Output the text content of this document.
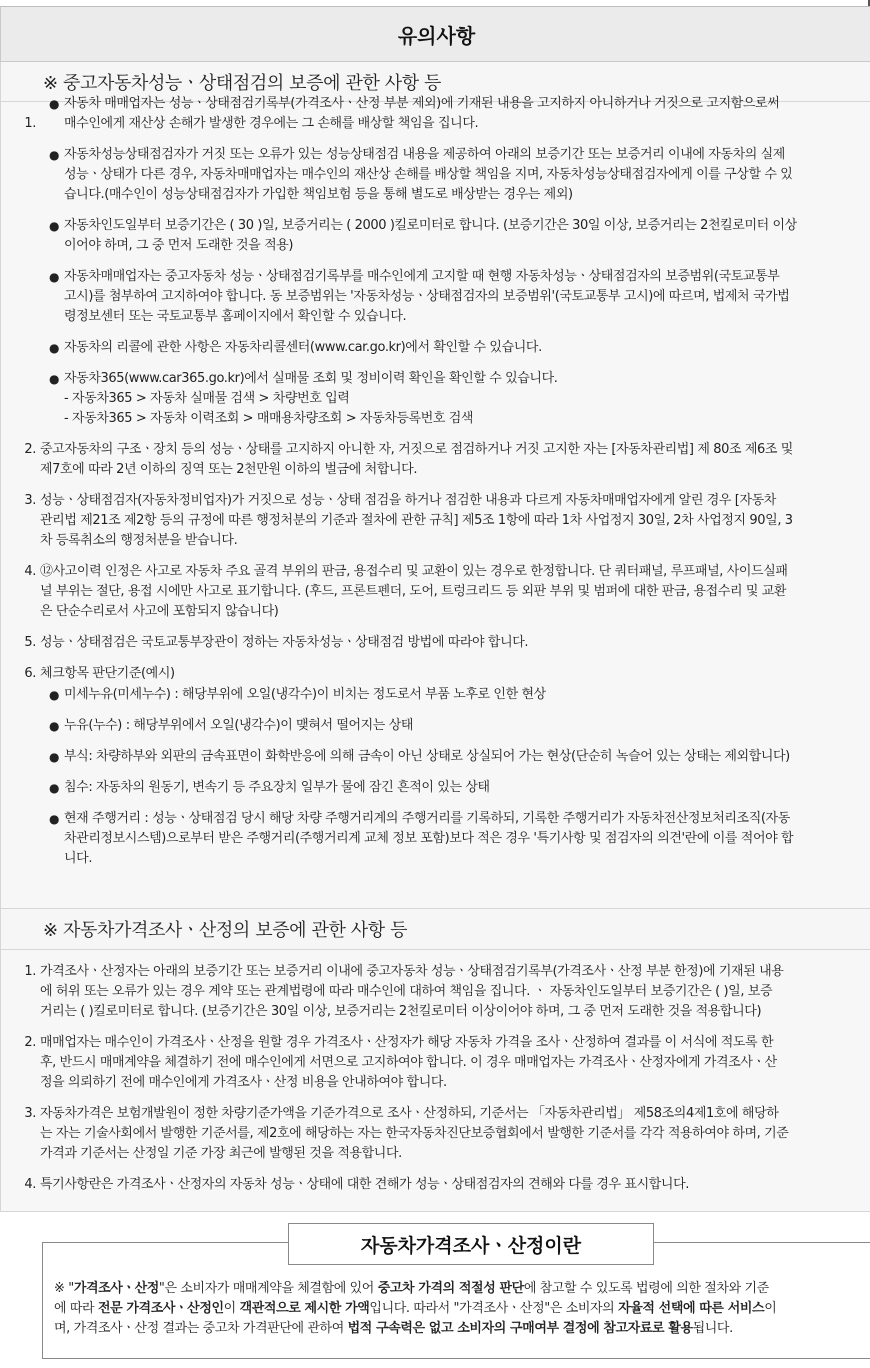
유의사항
※ 중고자동차성능ㆍ상태점검의 보증에 관한 사항 등
1.
● 자동차 매매업자는 성능ㆍ상태점검기록부(가격조사ㆍ산정 부분 제외)에 기재된 내용을 고지하지 아니하거나 거짓으로 고지함으로써
매수인에게 재산상 손해가 발생한 경우에는 그 손해를 배상할 책임을 집니다.
● 자동차성능상태점검자가 거짓 또는 오류가 있는 성능상태점검 내용을 제공하여 아래의 보증기간 또는 보증거리 이내에 자동차의 실제
성능ㆍ상태가 다른 경우, 자동차매매업자는 매수인의 재산상 손해를 배상할 책임을 지며, 자동차성능상태점검자에게 이를 구상할 수 있
습니다.(매수인이 성능상태점검자가 가입한 책임보험 등을 통해 별도로 배상받는 경우는 제외)
● 자동차인도일부터 보증기간은 ( 30 )일, 보증거리는 ( 2000 )킬로미터로 합니다. (보증기간은 30일 이상, 보증거리는 2천킬로미터 이상
이어야 하며, 그 중 먼저 도래한 것을 적용)
● 자동차매매업자는 중고자동차 성능ㆍ상태점검기록부를 매수인에게 고지할 때 현행 자동차성능ㆍ상태점검자의 보증범위(국토교통부
고시)를 첨부하여 고지하여야 합니다. 동 보증범위는 '자동차성능ㆍ상태점검자의 보증범위'(국토교통부 고시)에 따르며, 법제처 국가법
령정보센터 또는 국토교통부 홈페이지에서 확인할 수 있습니다.
● 자동차의 리콜에 관한 사항은 자동차리콜센터(www.car.go.kr)에서 확인할 수 있습니다.
● 자동차365(www.car365.go.kr)에서 실매물 조회 및 정비이력 확인을 확인할 수 있습니다.
- 자동차365 > 자동차 실매물 검색 > 차량번호 입력
- 자동차365 > 자동차 이력조회 > 매매용차량조회 > 자동차등록번호 검색
2. 중고자동차의 구조ㆍ장치 등의 성능ㆍ상태를 고지하지 아니한 자, 거짓으로 점검하거나 거짓 고지한 자는 [자동차관리법] 제 80조 제6조 및
제7호에 따라 2년 이하의 징역 또는 2천만원 이하의 벌금에 처합니다.
3. 성능ㆍ상태점검자(자동차정비업자)가 거짓으로 성능ㆍ상태 점검을 하거나 점검한 내용과 다르게 자동차매매업자에게 알린 경우 [자동차
관리법 제21조 제2항 등의 규정에 따른 행정처분의 기준과 절차에 관한 규칙] 제5조 1항에 따라 1차 사업정지 30일, 2차 사업정지 90일, 3
차 등록취소의 행정처분을 받습니다.
4. ⑫사고이력 인정은 사고로 자동차 주요 골격 부위의 판금, 용접수리 및 교환이 있는 경우로 한정합니다. 단 쿼터패널, 루프패널, 사이드실패
널 부위는 절단, 용접 시에만 사고로 표기합니다. (후드, 프론트펜더, 도어, 트렁크리드 등 외판 부위 및 범퍼에 대한 판금, 용접수리 및 교환
은 단순수리로서 사고에 포함되지 않습니다)
5. 성능ㆍ상태점검은 국토교통부장관이 정하는 자동차성능ㆍ상태점검 방법에 따라야 합니다.
6. 체크항목 판단기준(예시)
● 미세누유(미세누수) : 해당부위에 오일(냉각수)이 비치는 정도로서 부품 노후로 인한 현상
● 누유(누수) : 해당부위에서 오일(냉각수)이 맺혀서 떨어지는 상태
● 부식: 차량하부와 외판의 금속표면이 화학반응에 의해 금속이 아닌 상태로 상실되어 가는 현상(단순히 녹슬어 있는 상태는 제외합니다)
● 침수: 자동차의 원동기, 변속기 등 주요장치 일부가 물에 잠긴 흔적이 있는 상태
● 현재 주행거리 : 성능ㆍ상태점검 당시 해당 차량 주행거리계의 주행거리를 기록하되, 기록한 주행거리가 자동차전산정보처리조직(자동
차관리정보시스템)으로부터 받은 주행거리(주행거리계 교체 정보 포함)보다 적은 경우 '특기사항 및 점검자의 의견'란에 이를 적어야 합
니다.
※ 자동차가격조사ㆍ산정의 보증에 관한 사항 등
1. 가격조사ㆍ산정자는 아래의 보증기간 또는 보증거리 이내에 중고자동차 성능ㆍ상태점검기록부(가격조사ㆍ산정 부분 한정)에 기재된 내용
에 허위 또는 오류가 있는 경우 계약 또는 관계법령에 따라 매수인에 대하여 책임을 집니다. ㆍ 자동차인도일부터 보증기간은 ( )일, 보증
거리는 ( )킬로미터로 합니다. (보증기간은 30일 이상, 보증거리는 2천킬로미터 이상이어야 하며, 그 중 먼저 도래한 것을 적용합니다)
2. 매매업자는 매수인이 가격조사ㆍ산정을 원할 경우 가격조사ㆍ산정자가 해당 자동차 가격을 조사ㆍ산정하여 결과를 이 서식에 적도록 한
후, 반드시 매매계약을 체결하기 전에 매수인에게 서면으로 고지하여야 합니다. 이 경우 매매업자는 가격조사ㆍ산정자에게 가격조사ㆍ산
정을 의뢰하기 전에 매수인에게 가격조사ㆍ산정 비용을 안내하여야 합니다.
3. 자동차가격은 보험개발원이 정한 차량기준가액을 기준가격으로 조사ㆍ산정하되, 기준서는 「자동차관리법」 제58조의4제1호에 해당하
는 자는 기술사회에서 발행한 기준서를, 제2호에 해당하는 자는 한국자동차진단보증협회에서 발행한 기준서를 각각 적용하여야 하며, 기준
가격과 기준서는 산정일 기준 가장 최근에 발행된 것을 적용합니다.
4. 특기사항란은 가격조사ㆍ산정자의 자동차 성능ㆍ상태에 대한 견해가 성능ㆍ상태점검자의 견해와 다를 경우 표시합니다.
자동차가격조사ㆍ산정이란
※ "가격조사ㆍ산정"은 소비자가 매매계약을 체결함에 있어 중고차 가격의 적절성 판단에 참고할 수 있도록 법령에 의한 절차와 기준
에 따라 전문 가격조사ㆍ산정인이 객관적으로 제시한 가액입니다. 따라서 "가격조사ㆍ산정"은 소비자의 자율적 선택에 따른 서비스이
며, 가격조사ㆍ산정 결과는 중고차 가격판단에 관하여 법적 구속력은 없고 소비자의 구매여부 결정에 참고자료로 활용됩니다.
